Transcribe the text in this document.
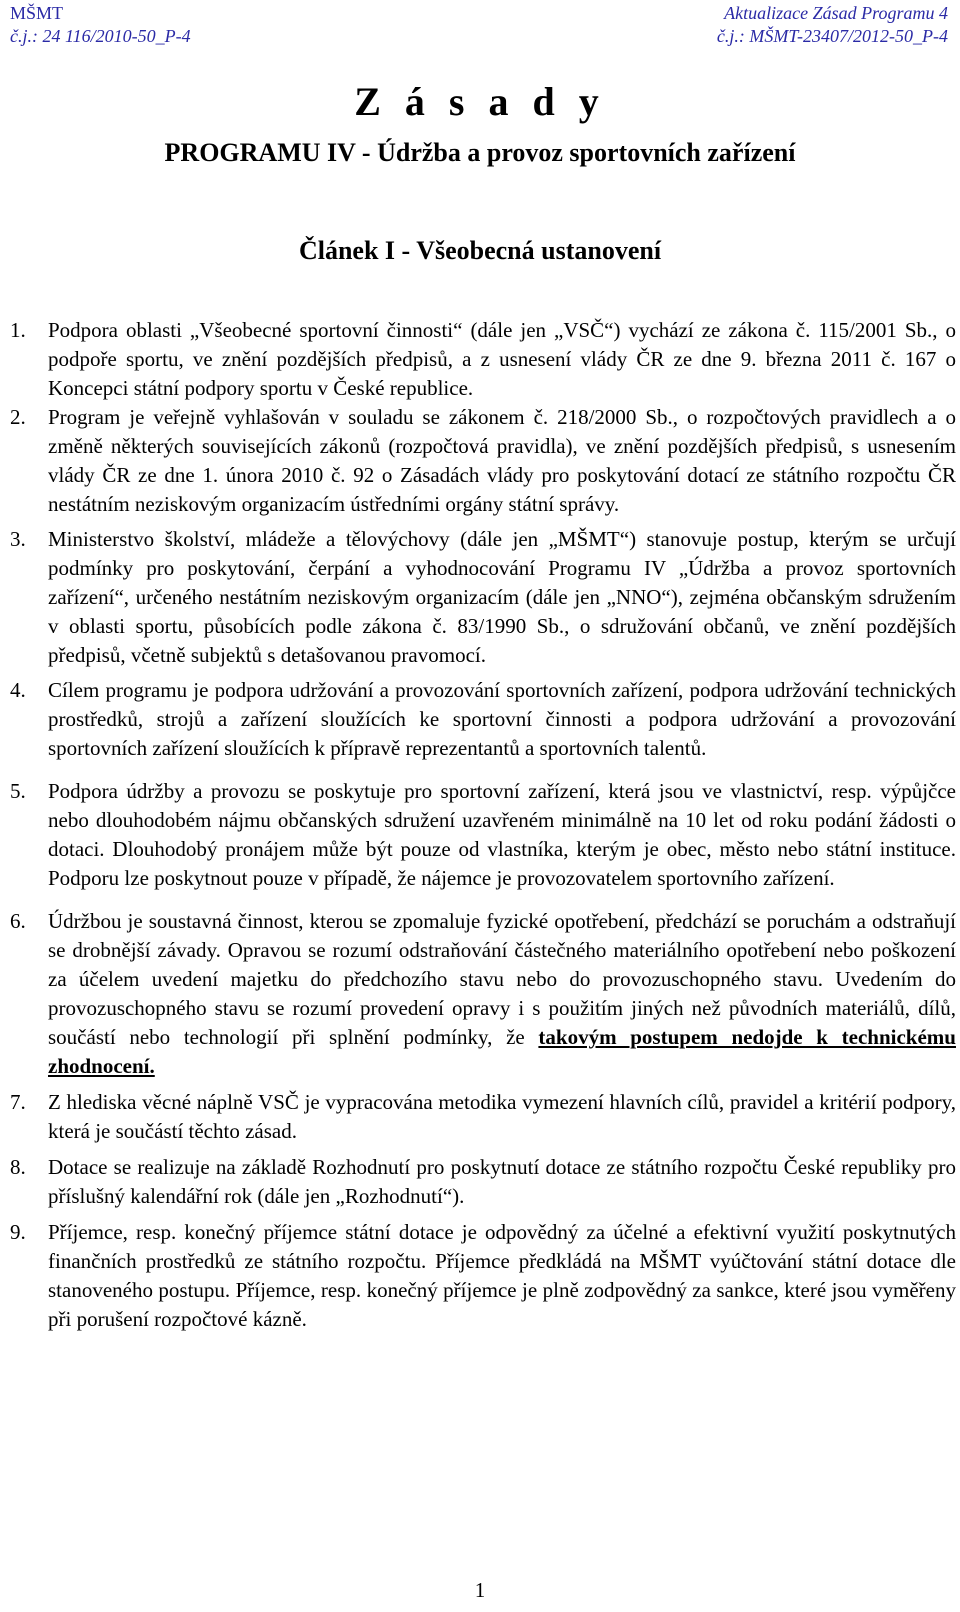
MŠMT
č.j.: 24 116/2010-50_P-4
Aktualizace Zásad Programu 4
č.j.: MŠMT-23407/2012-50_P-4
Z á s a d y
PROGRAMU IV - Údržba a provoz sportovních zařízení
Článek I - Všeobecná ustanovení
1.	Podpora oblasti „Všeobecné sportovní činnosti“ (dále jen „VSČ“) vychází ze zákona č. 115/2001 Sb., o podpoře sportu, ve znění pozdějších předpisů, a z usnesení vlády ČR ze dne 9. března 2011 č. 167 o Koncepci státní podpory sportu v České republice.
2.	Program je veřejně vyhlašován v souladu se zákonem č. 218/2000 Sb., o rozpočtových pravidlech a o změně některých souvisejících zákonů (rozpočtová pravidla), ve znění pozdějších předpisů, s usnesením vlády ČR ze dne 1. února 2010 č. 92 o Zásadách vlády pro poskytování dotací ze státního rozpočtu ČR nestátním neziskovým organizacím ústředními orgány státní správy.
3.	Ministerstvo školství, mládeže a tělovýchovy (dále jen „MŠMT“) stanovuje postup, kterým se určují podmínky pro poskytování, čerpání a vyhodnocování Programu IV „Údržba a provoz sportovních zařízení“, určeného nestátním neziskovým organizacím (dále jen „NNO“), zejména občanským sdružením v oblasti sportu, působících podle zákona č. 83/1990 Sb., o sdružování občanů, ve znění pozdějších předpisů, včetně subjektů s detašovanou pravomocí.
4.	Cílem programu je podpora udržování a provozování sportovních zařízení, podpora udržování technických prostředků, strojů a zařízení sloužících ke sportovní činnosti a podpora udržování a provozování sportovních zařízení sloužících k přípravě reprezentantů a sportovních talentů.
5.	Podpora údržby a provozu se poskytuje pro sportovní zařízení, která jsou ve vlastnictví, resp. výpůjčce nebo dlouhodobém nájmu občanských sdružení uzavřeném minimálně na 10 let od roku podání žádosti o dotaci. Dlouhodobý pronájem může být pouze od vlastníka, kterým je obec, město nebo státní instituce. Podporu lze poskytnout pouze v případě, že nájemce je provozovatelem sportovního zařízení.
6.	Údržbou je soustavná činnost, kterou se zpomaluje fyzické opotřebení, předchází se poruchám a odstraňují se drobnější závady. Opravou se rozumí odstraňování částečného materiálního opotřebení nebo poškození za účelem uvedení majetku do předchozího stavu nebo do provozuschopného stavu. Uvedením do provozuschopného stavu se rozumí provedení opravy i s použitím jiných než původních materiálů, dílů, součástí nebo technologií při splnění podmínky, že takovým postupem nedojde k technickému zhodnocení.
7.	Z hlediska věcné náplně VSČ je vypracována metodika vymezení hlavních cílů, pravidel a kritérií podpory, která je součástí těchto zásad.
8.	Dotace se realizuje na základě Rozhodnutí pro poskytnutí dotace ze státního rozpočtu České republiky pro příslušný kalendářní rok (dále jen „Rozhodnutí“).
9.	Příjemce, resp. konečný příjemce státní dotace je odpovědný za účelné a efektivní využití poskytnutých finančních prostředků ze státního rozpočtu. Příjemce předkládá na MŠMT vyúčtování státní dotace dle stanoveného postupu. Příjemce, resp. konečný příjemce je plně zodpovědný za sankce, které jsou vyměřeny při porušení rozpočtové kázně.
1
